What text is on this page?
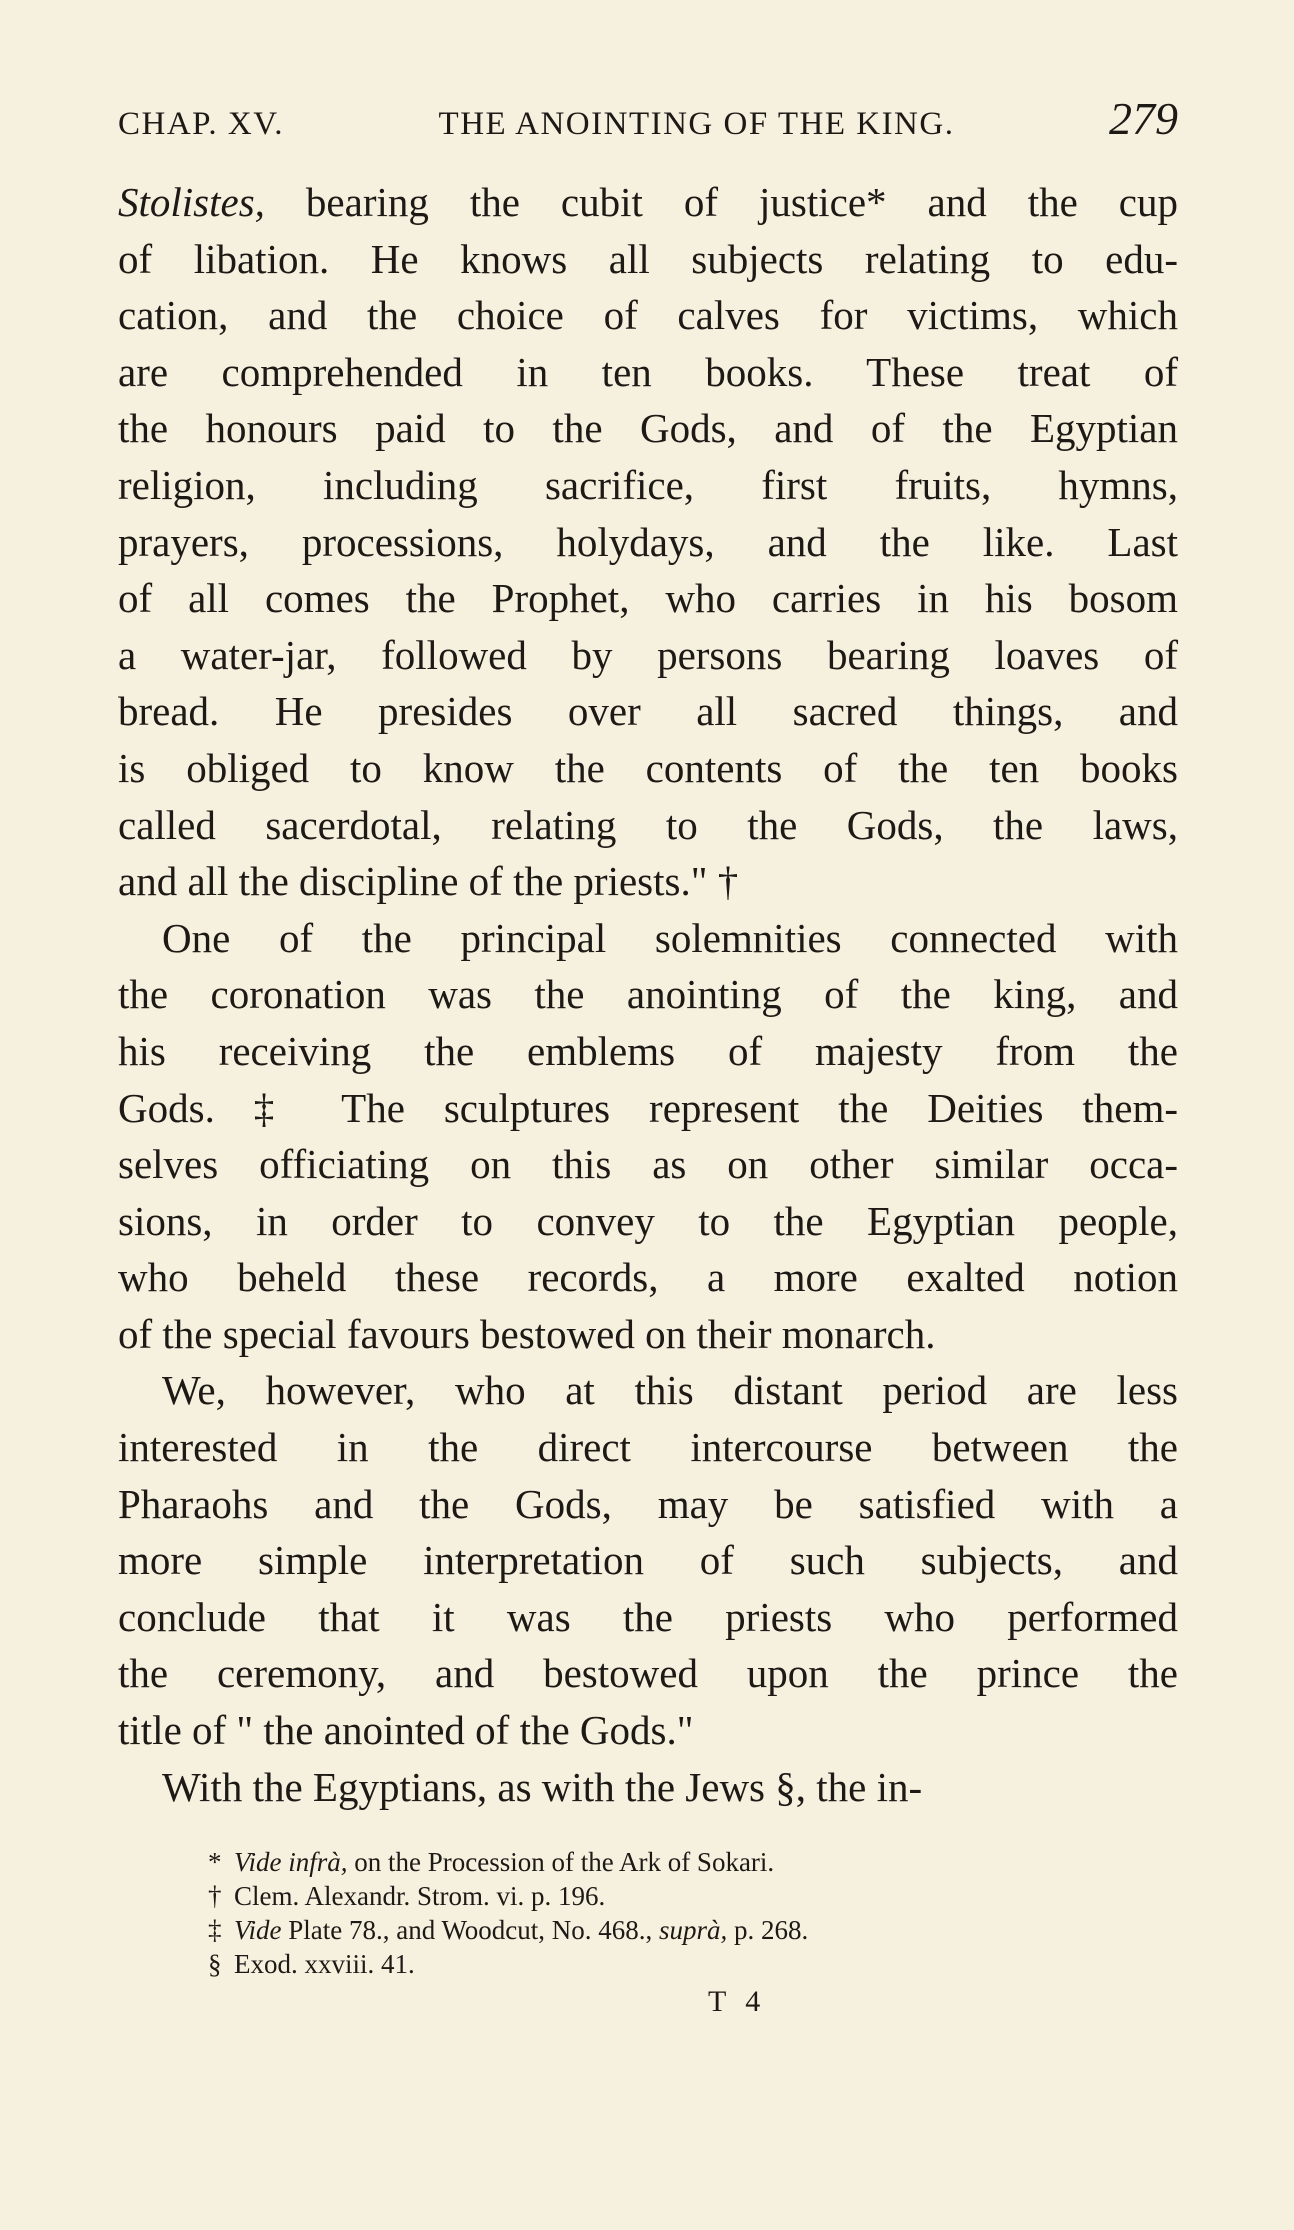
CHAP. XV.	THE ANOINTING OF THE KING.	279

Stolistes, bearing the cubit of justice* and the cup
of libation. He knows all subjects relating to edu-
cation, and the choice of calves for victims, which
are comprehended in ten books. These treat of
the honours paid to the Gods, and of the Egyptian
religion, including sacrifice, first fruits, hymns,
prayers, processions, holydays, and the like. Last
of all comes the Prophet, who carries in his bosom
a water-jar, followed by persons bearing loaves of
bread. He presides over all sacred things, and
is obliged to know the contents of the ten books
called sacerdotal, relating to the Gods, the laws,
and all the discipline of the priests." †

One of the principal solemnities connected with
the coronation was the anointing of the king, and
his receiving the emblems of majesty from the
Gods. ‡ The sculptures represent the Deities them-
selves officiating on this as on other similar occa-
sions, in order to convey to the Egyptian people,
who beheld these records, a more exalted notion
of the special favours bestowed on their monarch.

We, however, who at this distant period are less
interested in the direct intercourse between the
Pharaohs and the Gods, may be satisfied with a
more simple interpretation of such subjects, and
conclude that it was the priests who performed
the ceremony, and bestowed upon the prince the
title of " the anointed of the Gods."

With the Egyptians, as with the Jews §, the in-

* Vide infrà, on the Procession of the Ark of Sokari.
† Clem. Alexandr. Strom. vi. p. 196.
‡ Vide Plate 78., and Woodcut, No. 468., suprà, p. 268.
§ Exod. xxviii. 41.
T 4
